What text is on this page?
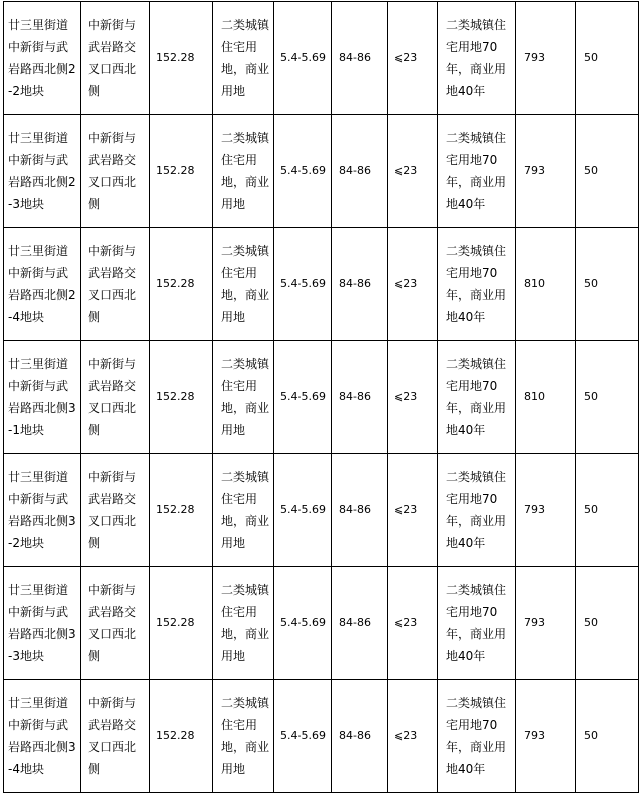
廿三里街道中新街与武岩路西北侧2-2地块	中新街与武岩路交叉口西北侧	152.28	二类城镇住宅用地，商业用地	5.4-5.69	84-86	⩽23	二类城镇住宅用地70年，商业用地40年	793	50
廿三里街道中新街与武岩路西北侧2-3地块	中新街与武岩路交叉口西北侧	152.28	二类城镇住宅用地，商业用地	5.4-5.69	84-86	⩽23	二类城镇住宅用地70年，商业用地40年	793	50
廿三里街道中新街与武岩路西北侧2-4地块	中新街与武岩路交叉口西北侧	152.28	二类城镇住宅用地，商业用地	5.4-5.69	84-86	⩽23	二类城镇住宅用地70年，商业用地40年	810	50
廿三里街道中新街与武岩路西北侧3-1地块	中新街与武岩路交叉口西北侧	152.28	二类城镇住宅用地，商业用地	5.4-5.69	84-86	⩽23	二类城镇住宅用地70年，商业用地40年	810	50
廿三里街道中新街与武岩路西北侧3-2地块	中新街与武岩路交叉口西北侧	152.28	二类城镇住宅用地，商业用地	5.4-5.69	84-86	⩽23	二类城镇住宅用地70年，商业用地40年	793	50
廿三里街道中新街与武岩路西北侧3-3地块	中新街与武岩路交叉口西北侧	152.28	二类城镇住宅用地，商业用地	5.4-5.69	84-86	⩽23	二类城镇住宅用地70年，商业用地40年	793	50
廿三里街道中新街与武岩路西北侧3-4地块	中新街与武岩路交叉口西北侧	152.28	二类城镇住宅用地，商业用地	5.4-5.69	84-86	⩽23	二类城镇住宅用地70年，商业用地40年	793	50
